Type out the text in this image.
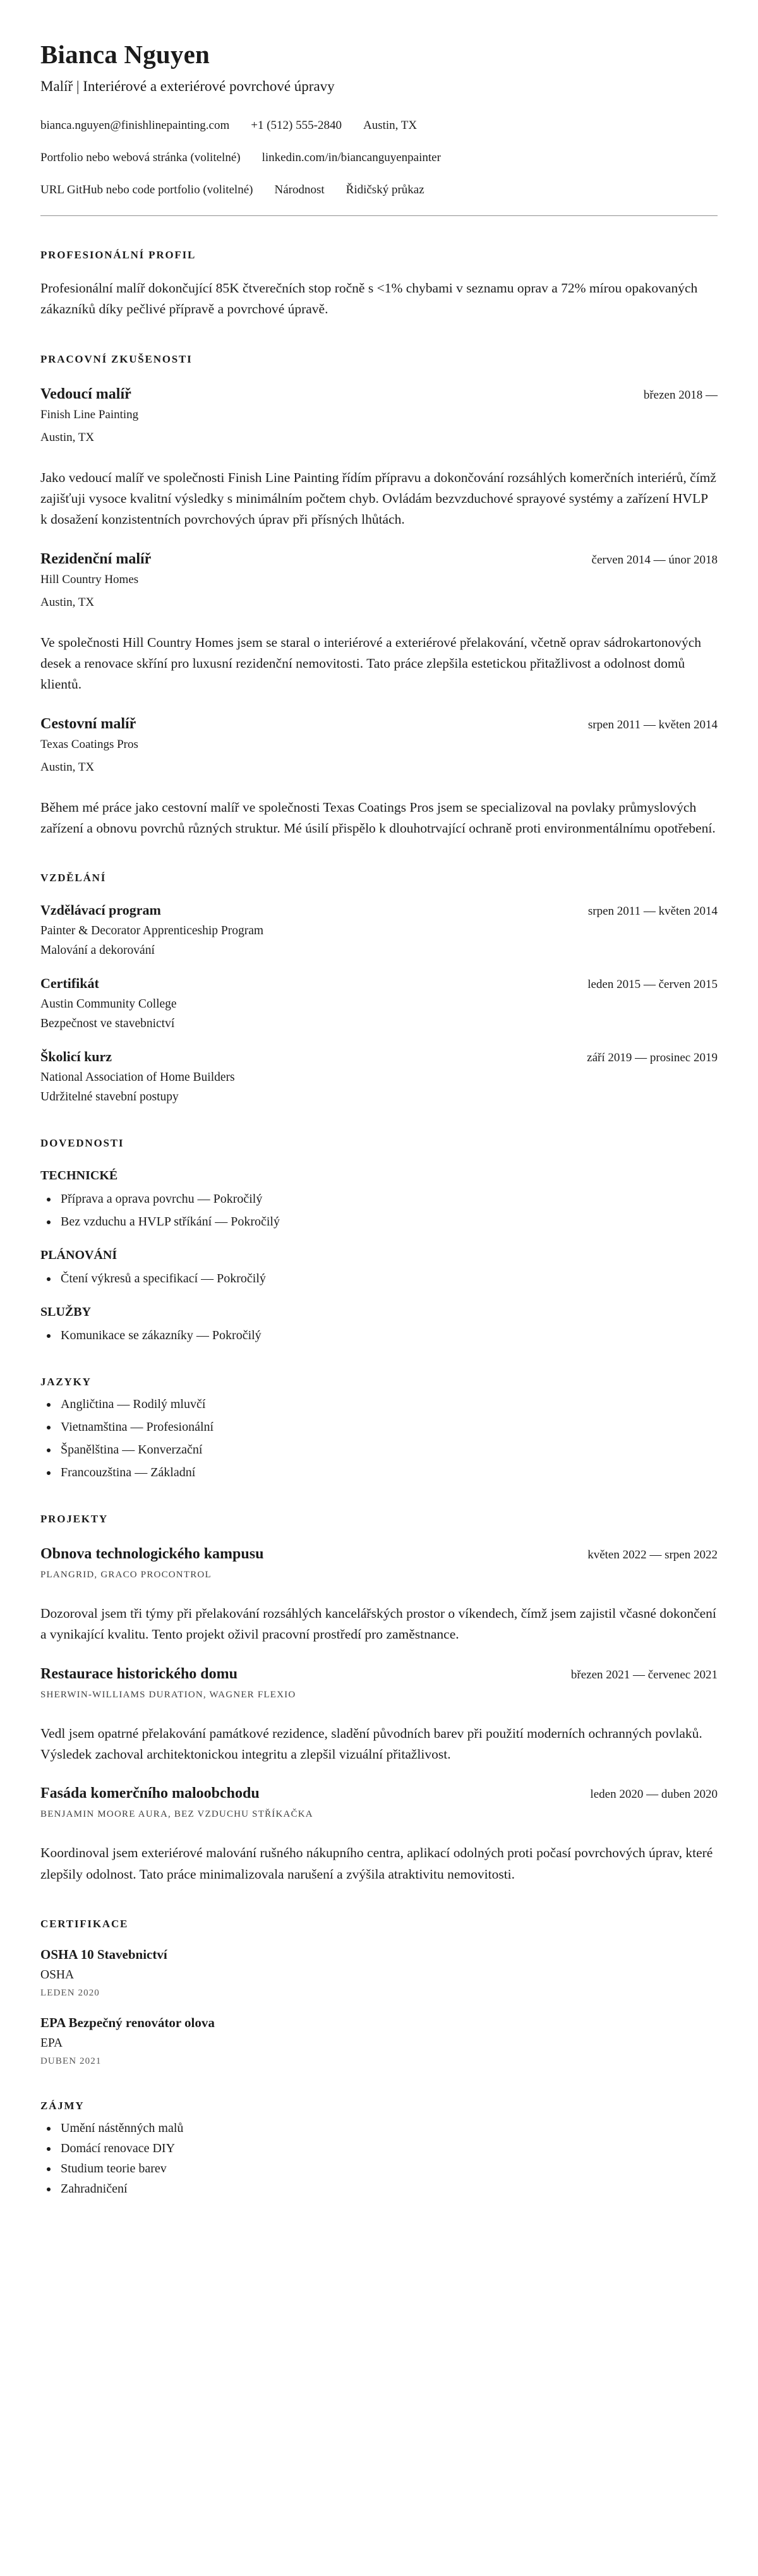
Bianca Nguyen
Malíř | Interiérové a exteriérové povrchové úpravy
bianca.nguyen@finishlinepainting.com +1 (512) 555-2840 Austin, TX
Portfolio nebo webová stránka (volitelné) linkedin.com/in/biancanguyenpainter
URL GitHub nebo code portfolio (volitelné) Národnost Řidičský průkaz
PROFESIONÁLNÍ PROFIL

Profesionální malíř dokončující 85K čtverečních stop ročně s <1% chybami v seznamu oprav a 72% mírou opakovaných zákazníků díky pečlivé přípravě a povrchové úpravě.

PRACOVNÍ ZKUŠENOSTI
Vedoucí malíř	březen 2018 —
Finish Line Painting
Austin, TX

Jako vedoucí malíř ve společnosti Finish Line Painting řídím přípravu a dokončování rozsáhlých komerčních interiérů, čímž zajišťuji vysoce kvalitní výsledky s minimálním počtem chyb. Ovládám bezvzduchové sprayové systémy a zařízení HVLP k dosažení konzistentních povrchových úprav při přísných lhůtách.

Rezidenční malíř	červen 2014 — únor 2018
Hill Country Homes
Austin, TX

Ve společnosti Hill Country Homes jsem se staral o interiérové a exteriérové přelakování, včetně oprav sádrokartonových desek a renovace skříní pro luxusní rezidenční nemovitosti. Tato práce zlepšila estetickou přitažlivost a odolnost domů klientů.

Cestovní malíř	srpen 2011 — květen 2014
Texas Coatings Pros
Austin, TX

Během mé práce jako cestovní malíř ve společnosti Texas Coatings Pros jsem se specializoval na povlaky průmyslových zařízení a obnovu povrchů různých struktur. Mé úsilí přispělo k dlouhotrvající ochraně proti environmentálnímu opotřebení.

VZDĚLÁNÍ
Vzdělávací program	srpen 2011 — květen 2014
Painter & Decorator Apprenticeship Program
Malování a dekorování
Certifikát	leden 2015 — červen 2015
Austin Community College
Bezpečnost ve stavebnictví
Školicí kurz	září 2019 — prosinec 2019
National Association of Home Builders
Udržitelné stavební postupy
DOVEDNOSTI
TECHNICKÉ
• Příprava a oprava povrchu — Pokročilý
• Bez vzduchu a HVLP stříkání — Pokročilý
PLÁNOVÁNÍ
• Čtení výkresů a specifikací — Pokročilý
SLUŽBY
• Komunikace se zákazníky — Pokročilý
JAZYKY
• Angličtina — Rodilý mluvčí
• Vietnamština — Profesionální
• Španělština — Konverzační
• Francouzština — Základní
PROJEKTY
Obnova technologického kampusu	květen 2022 — srpen 2022
PLANGRID, GRACO PROCONTROL

Dozoroval jsem tři týmy při přelakování rozsáhlých kancelářských prostor o víkendech, čímž jsem zajistil včasné dokončení a vynikající kvalitu. Tento projekt oživil pracovní prostředí pro zaměstnance.

Restaurace historického domu	březen 2021 — červenec 2021
SHERWIN-WILLIAMS DURATION, WAGNER FLEXIO

Vedl jsem opatrné přelakování památkové rezidence, sladění původních barev při použití moderních ochranných povlaků. Výsledek zachoval architektonickou integritu a zlepšil vizuální přitažlivost.

Fasáda komerčního maloobchodu	leden 2020 — duben 2020
BENJAMIN MOORE AURA, BEZ VZDUCHU STŘÍKAČKA

Koordinoval jsem exteriérové malování rušného nákupního centra, aplikací odolných proti počasí povrchových úprav, které zlepšily odolnost. Tato práce minimalizovala narušení a zvýšila atraktivitu nemovitosti.

CERTIFIKACE
OSHA 10 Stavebnictví
OSHA
LEDEN 2020
EPA Bezpečný renovátor olova
EPA
DUBEN 2021
ZÁJMY
• Umění nástěnných malů
• Domácí renovace DIY
• Studium teorie barev
• Zahradničení
